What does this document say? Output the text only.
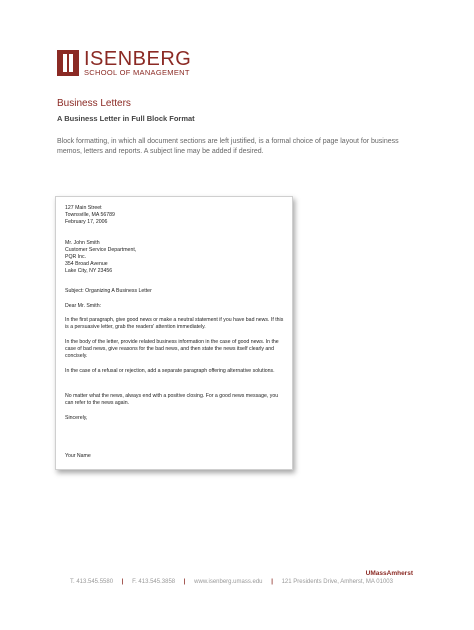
ISENBERG
SCHOOL OF MANAGEMENT
Business Letters
A Business Letter in Full Block Format
Block formatting, in which all document sections are left justified, is a formal choice of page layout for business memos, letters and reports. A subject line may be added if desired.
127 Main Street
Townsville, MA 56789
February 17, 2006
Mr. John Smith
Customer Service Department,
PQR Inc.
354 Broad Avenue
Lake City, NY 23456
Subject: Organizing A Business Letter
Dear Mr. Smith:
In the first paragraph, give good news or make a neutral statement if you have bad news. If this is a persuasive letter, grab the readers' attention immediately.
In the body of the letter, provide related business information in the case of good news. In the case of bad news, give reasons for the bad news, and then state the news itself clearly and concisely.
In the case of a refusal or rejection, add a separate paragraph offering alternative solutions.
No matter what the news, always end with a positive closing. For a good news message, you can refer to the news again.
Sincerely,
Your Name
UMassAmherst
T. 413.545.5580 | F. 413.545.3858 | www.isenberg.umass.edu | 121 Presidents Drive, Amherst, MA 01003
